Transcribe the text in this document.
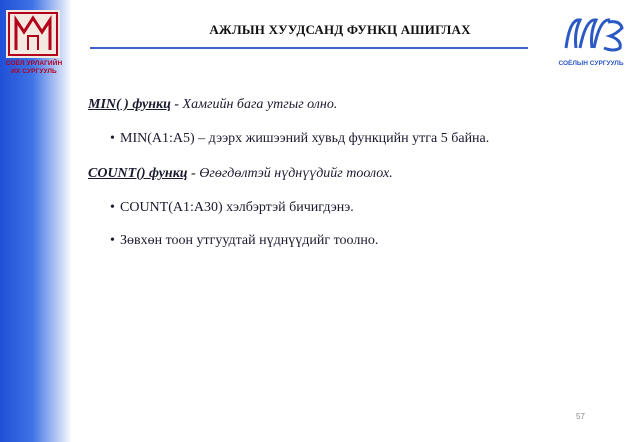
СОЁЛ УРЛАГИЙН
ИХ СУРГУУЛЬ
АЖЛЫН ХУУДСАНД ФУНКЦ АШИГЛАХ
СОЁЛЫН СУРГУУЛЬ

MIN( ) функц - Хамгийн бага утгыг олно.

• MIN(A1:A5) – дээрх жишээний хувьд функцийн утга 5 байна.

COUNT() функц - Өгөгдөлтэй нүднүүдийг тоолох.

• COUNT(A1:A30) хэлбэртэй бичигдэнэ.

• Зөвхөн тоон утгуудтай нүднүүдийг тоолно.

57
